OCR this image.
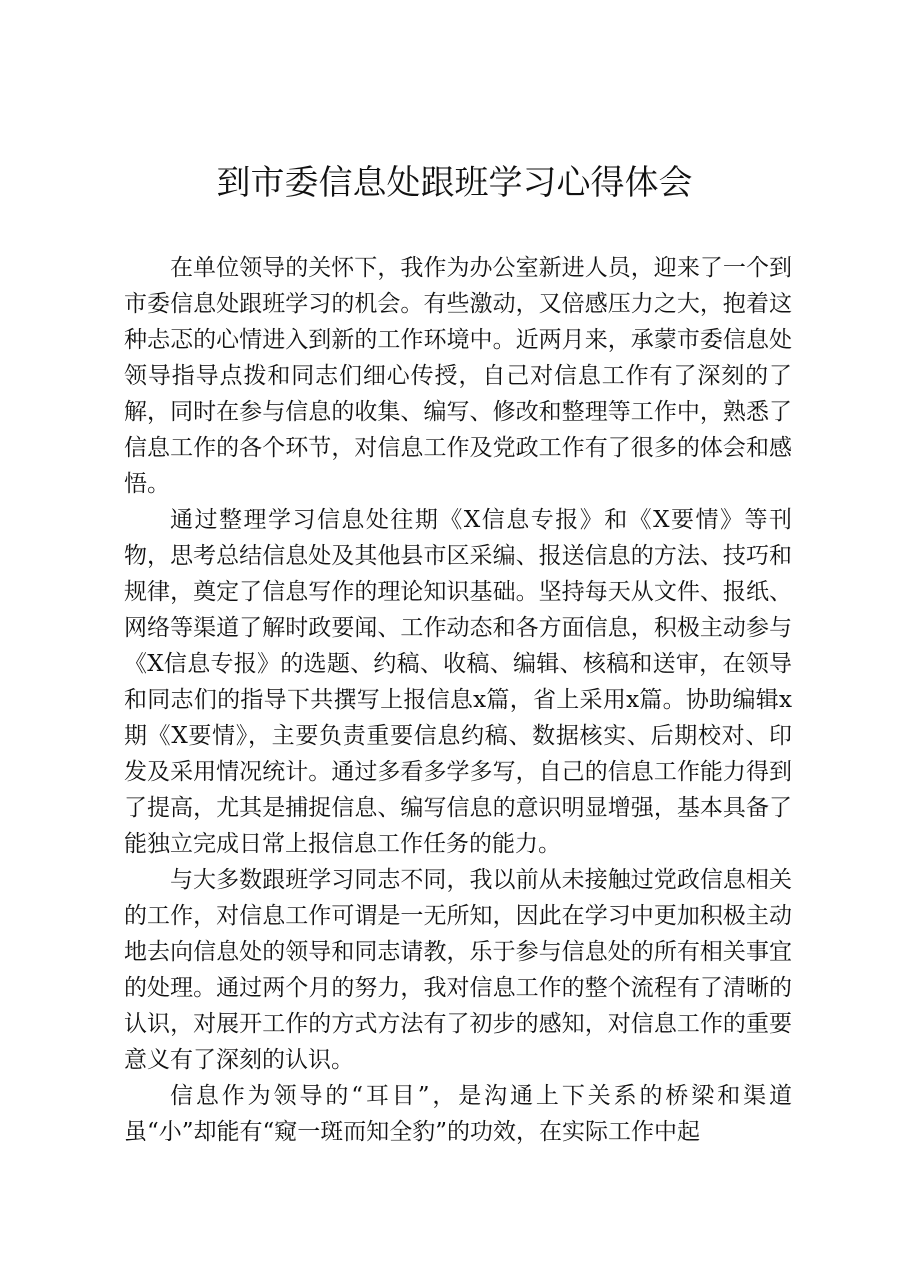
到市委信息处跟班学习心得体会

在单位领导的关怀下，我作为办公室新进人员，迎来了一个到市委信息处跟班学习的机会。有些激动，又倍感压力之大，抱着这种忐忑的心情进入到新的工作环境中。近两月来，承蒙市委信息处领导指导点拨和同志们细心传授，自己对信息工作有了深刻的了解，同时在参与信息的收集、编写、修改和整理等工作中，熟悉了信息工作的各个环节，对信息工作及党政工作有了很多的体会和感悟。

通过整理学习信息处往期《X信息专报》和《X要情》等刊物，思考总结信息处及其他县市区采编、报送信息的方法、技巧和规律，奠定了信息写作的理论知识基础。坚持每天从文件、报纸、网络等渠道了解时政要闻、工作动态和各方面信息，积极主动参与《X信息专报》的选题、约稿、收稿、编辑、核稿和送审，在领导和同志们的指导下共撰写上报信息x篇，省上采用x篇。协助编辑x期《X要情》，主要负责重要信息约稿、数据核实、后期校对、印发及采用情况统计。通过多看多学多写，自己的信息工作能力得到了提高，尤其是捕捉信息、编写信息的意识明显增强，基本具备了能独立完成日常上报信息工作任务的能力。

与大多数跟班学习同志不同，我以前从未接触过党政信息相关的工作，对信息工作可谓是一无所知，因此在学习中更加积极主动地去向信息处的领导和同志请教，乐于参与信息处的所有相关事宜的处理。通过两个月的努力，我对信息工作的整个流程有了清晰的认识，对展开工作的方式方法有了初步的感知，对信息工作的重要意义有了深刻的认识。

信息作为领导的“耳目”，是沟通上下关系的桥梁和渠道虽“小”却能有“窥一斑而知全豹”的功效，在实际工作中起
